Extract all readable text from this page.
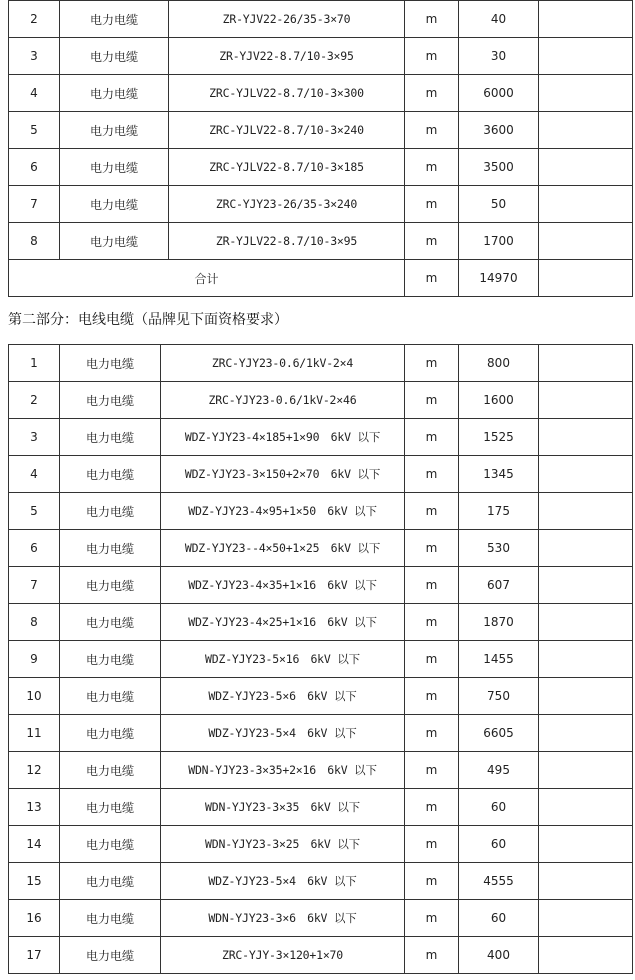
2	电力电缆	ZR-YJV22-26/35-3×70	m	40	
3	电力电缆	ZR-YJV22-8.7/10-3×95	m	30	
4	电力电缆	ZRC-YJLV22-8.7/10-3×300	m	6000	
5	电力电缆	ZRC-YJLV22-8.7/10-3×240	m	3600	
6	电力电缆	ZRC-YJLV22-8.7/10-3×185	m	3500	
7	电力电缆	ZRC-YJY23-26/35-3×240	m	50	
8	电力电缆	ZR-YJLV22-8.7/10-3×95	m	1700	
合计			m	14970	
第二部分：电线电缆（品牌见下面资格要求）
1	电力电缆	ZRC-YJY23-0.6/1kV-2×4	m	800	
2	电力电缆	ZRC-YJY23-0.6/1kV-2×46	m	1600	
3	电力电缆	WDZ-YJY23-4×185+1×90　6kV 以下	m	1525	
4	电力电缆	WDZ-YJY23-3×150+2×70　6kV 以下	m	1345	
5	电力电缆	WDZ-YJY23-4×95+1×50　6kV 以下	m	175	
6	电力电缆	WDZ-YJY23--4×50+1×25　6kV 以下	m	530	
7	电力电缆	WDZ-YJY23-4×35+1×16　6kV 以下	m	607	
8	电力电缆	WDZ-YJY23-4×25+1×16　6kV 以下	m	1870	
9	电力电缆	WDZ-YJY23-5×16　6kV 以下	m	1455	
10	电力电缆	WDZ-YJY23-5×6　6kV 以下	m	750	
11	电力电缆	WDZ-YJY23-5×4　6kV 以下	m	6605	
12	电力电缆	WDN-YJY23-3×35+2×16　6kV 以下	m	495	
13	电力电缆	WDN-YJY23-3×35　6kV 以下	m	60	
14	电力电缆	WDN-YJY23-3×25　6kV 以下	m	60	
15	电力电缆	WDZ-YJY23-5×4　6kV 以下	m	4555	
16	电力电缆	WDN-YJY23-3×6　6kV 以下	m	60	
17	电力电缆	ZRC-YJY-3×120+1×70	m	400	
